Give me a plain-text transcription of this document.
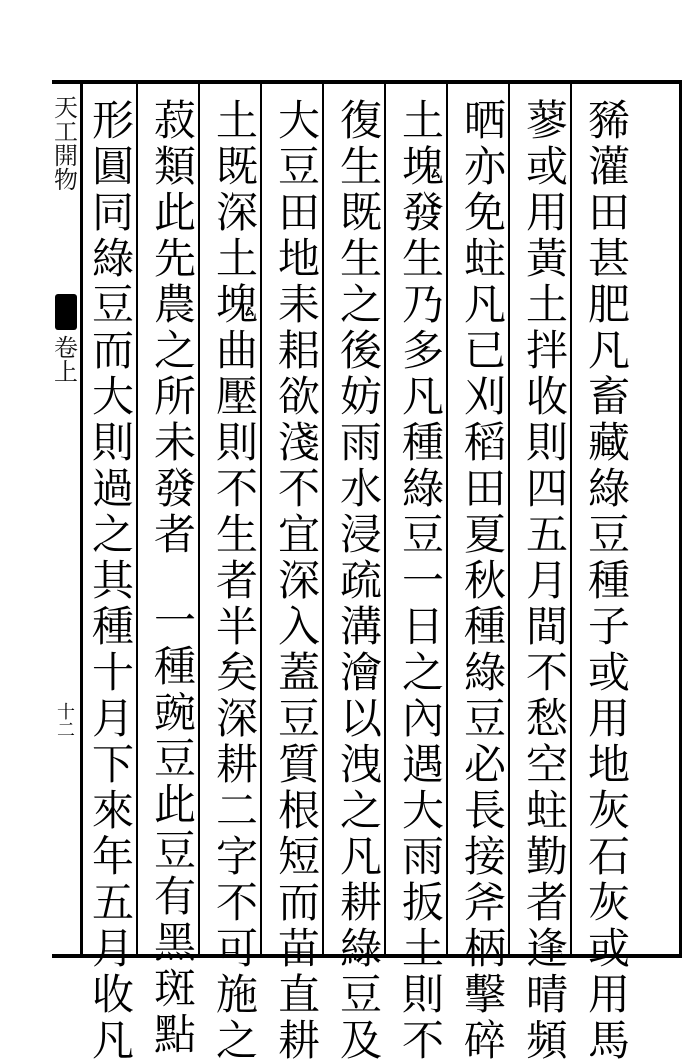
天工開物
卷上
十二	豨灌田甚肥凡畜藏綠豆種子或用地灰石灰或用馬
蓼或用黃土拌收則四五月間不愁空蛀勤者逢晴頻
晒亦免蛀凡已刈稻田夏秋種綠豆必長接斧柄擊碎
土塊發生乃多凡種綠豆一日之內遇大雨扳土則不
復生既生之後妨雨水浸疏溝澮以洩之凡耕綠豆及
大豆田地耒耜欲淺不宜深入蓋豆質根短而苗直耕
土既深土塊曲壓則不生者半矣深耕二字不可施之
菽類此先農之所未發者
一種豌豆此豆有黑斑點
形圓同綠豆而大則過之其種十月下來年五月收凡
